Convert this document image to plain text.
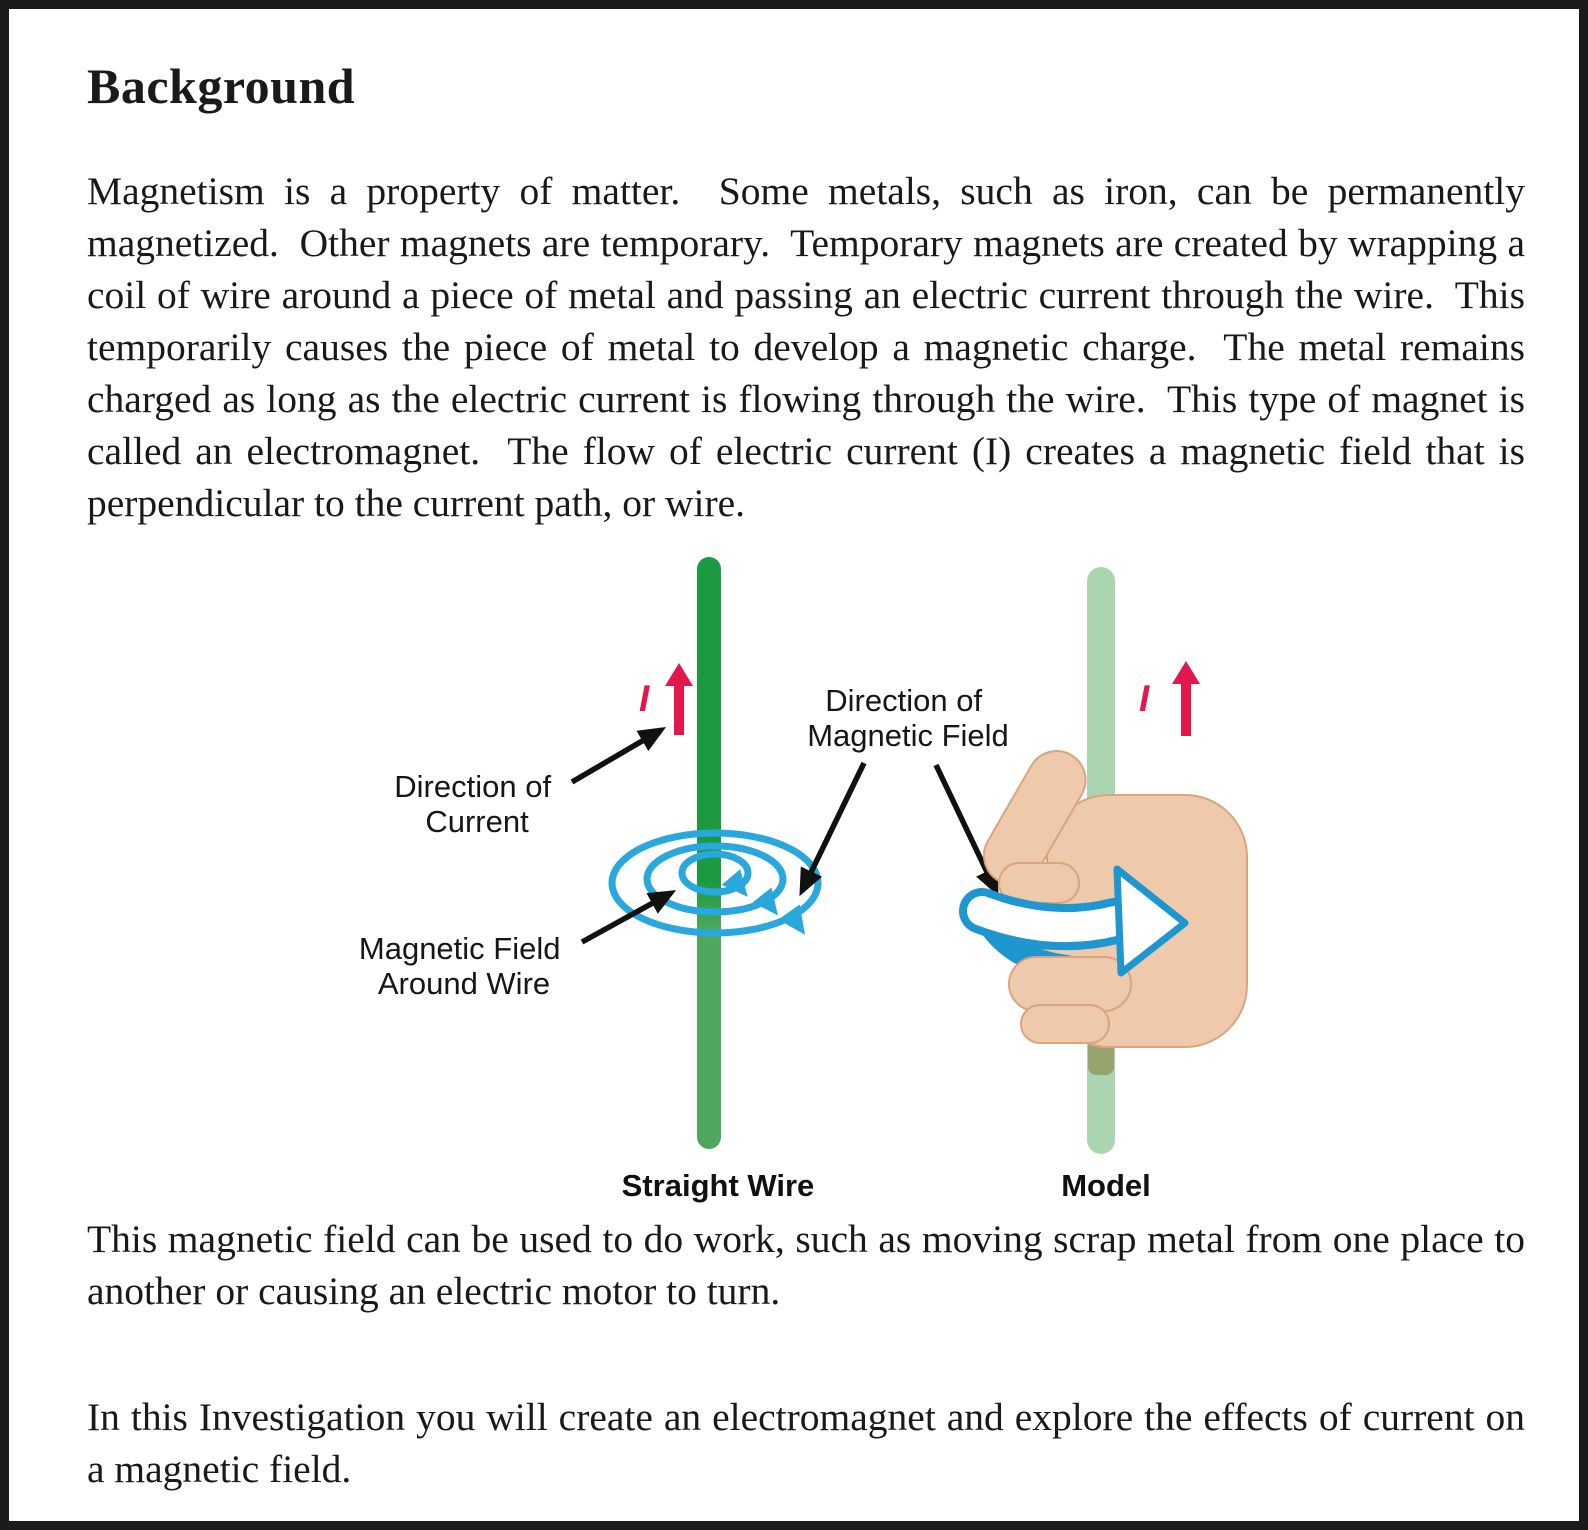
Background

Magnetism is a property of matter.  Some metals, such as iron, can be permanently magnetized.  Other magnets are temporary.  Temporary magnets are created by wrapping a coil of wire around a piece of metal and passing an electric current through the wire.  This temporarily causes the piece of metal to develop a magnetic charge.  The metal remains charged as long as the electric current is flowing through the wire.  This type of magnet is called an electromagnet.  The flow of electric current (I) creates a magnetic field that is perpendicular to the current path, or wire.

I
Direction of Current
Magnetic Field Around Wire
Direction of Magnetic Field
I
Straight Wire	Model

This magnetic field can be used to do work, such as moving scrap metal from one place to another or causing an electric motor to turn.

In this Investigation you will create an electromagnet and explore the effects of current on a magnetic field.
